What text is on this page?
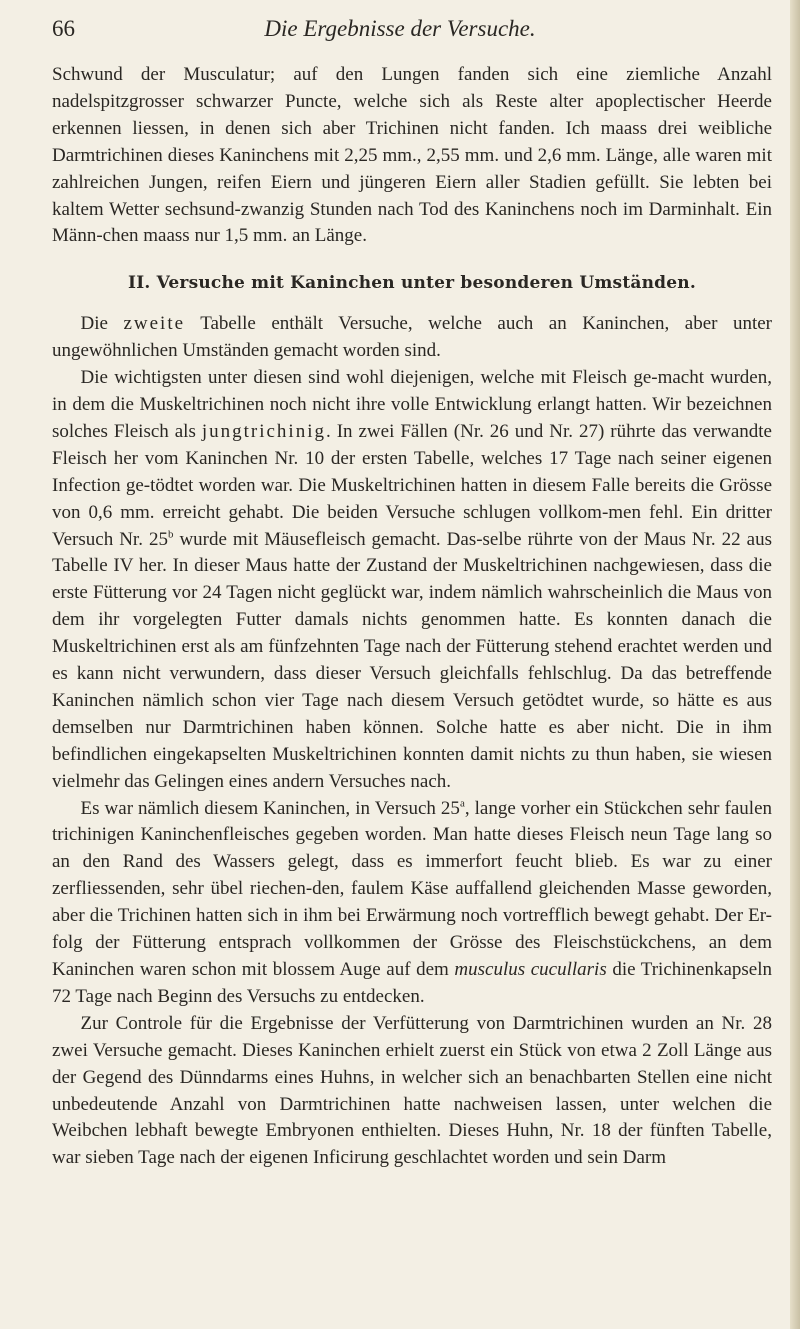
66	Die Ergebnisse der Versuche.

Schwund der Musculatur; auf den Lungen fanden sich eine ziemliche Anzahl nadelspitzgrosser schwarzer Puncte, welche sich als Reste alter apoplectischer Heerde erkennen liessen, in denen sich aber Trichinen nicht fanden. Ich maass drei weibliche Darmtrichinen dieses Kaninchens mit 2,25 mm., 2,55 mm. und 2,6 mm. Länge, alle waren mit zahlreichen Jungen, reifen Eiern und jüngeren Eiern aller Stadien gefüllt. Sie lebten bei kaltem Wetter sechsund-zwanzig Stunden nach Tod des Kaninchens noch im Darminhalt. Ein Männ-chen maass nur 1,5 mm. an Länge.

II. Versuche mit Kaninchen unter besonderen Umständen.

Die zweite Tabelle enthält Versuche, welche auch an Kaninchen, aber unter ungewöhnlichen Umständen gemacht worden sind.

Die wichtigsten unter diesen sind wohl diejenigen, welche mit Fleisch ge-macht wurden, in dem die Muskeltrichinen noch nicht ihre volle Entwicklung erlangt hatten. Wir bezeichnen solches Fleisch als jungtrichinig. In zwei Fällen (Nr. 26 und Nr. 27) rührte das verwandte Fleisch her vom Kaninchen Nr. 10 der ersten Tabelle, welches 17 Tage nach seiner eigenen Infection ge-tödtet worden war. Die Muskeltrichinen hatten in diesem Falle bereits die Grösse von 0,6 mm. erreicht gehabt. Die beiden Versuche schlugen vollkom-men fehl. Ein dritter Versuch Nr. 25$^b$ wurde mit Mäusefleisch gemacht. Das-selbe rührte von der Maus Nr. 22 aus Tabelle IV her. In dieser Maus hatte der Zustand der Muskeltrichinen nachgewiesen, dass die erste Fütterung vor 24 Tagen nicht geglückt war, indem nämlich wahrscheinlich die Maus von dem ihr vorgelegten Futter damals nichts genommen hatte. Es konnten danach die Muskeltrichinen erst als am fünfzehnten Tage nach der Fütterung stehend erachtet werden und es kann nicht verwundern, dass dieser Versuch gleichfalls fehlschlug. Da das betreffende Kaninchen nämlich schon vier Tage nach diesem Versuch getödtet wurde, so hätte es aus demselben nur Darmtrichinen haben können. Solche hatte es aber nicht. Die in ihm befindlichen eingekapselten Muskeltrichinen konnten damit nichts zu thun haben, sie wiesen vielmehr das Gelingen eines andern Versuches nach.

Es war nämlich diesem Kaninchen, in Versuch 25$^a$, lange vorher ein Stückchen sehr faulen trichinigen Kaninchenfleisches gegeben worden. Man hatte dieses Fleisch neun Tage lang so an den Rand des Wassers gelegt, dass es immerfort feucht blieb. Es war zu einer zerfliessenden, sehr übel riechen-den, faulem Käse auffallend gleichenden Masse geworden, aber die Trichinen hatten sich in ihm bei Erwärmung noch vortrefflich bewegt gehabt. Der Er-folg der Fütterung entsprach vollkommen der Grösse des Fleischstückchens, an dem Kaninchen waren schon mit blossem Auge auf dem musculus cucullaris die Trichinenkapseln 72 Tage nach Beginn des Versuchs zu entdecken.

Zur Controle für die Ergebnisse der Verfütterung von Darmtrichinen wurden an Nr. 28 zwei Versuche gemacht. Dieses Kaninchen erhielt zuerst ein Stück von etwa 2 Zoll Länge aus der Gegend des Dünndarms eines Huhns, in welcher sich an benachbarten Stellen eine nicht unbedeutende Anzahl von Darmtrichinen hatte nachweisen lassen, unter welchen die Weibchen lebhaft bewegte Embryonen enthielten. Dieses Huhn, Nr. 18 der fünften Tabelle, war sieben Tage nach der eigenen Inficirung geschlachtet worden und sein Darm
